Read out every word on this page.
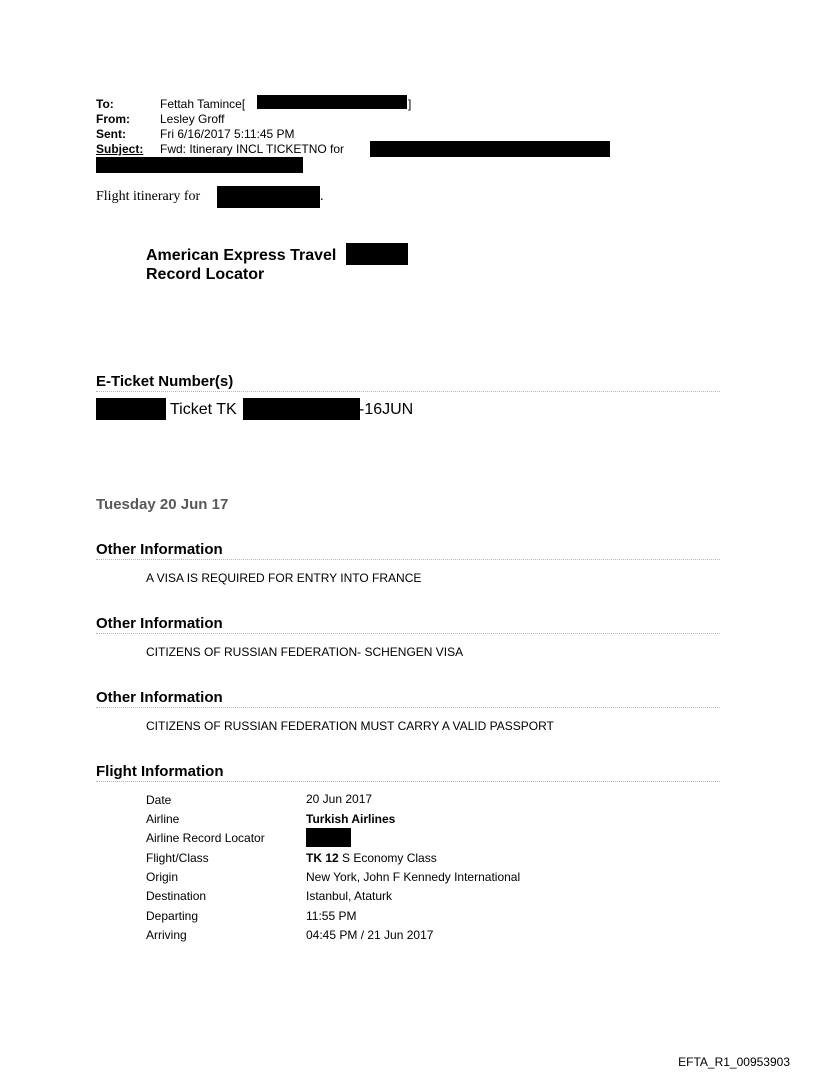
To:	Fettah Tamince[	]
From:	Lesley Groff
Sent:	Fri 6/16/2017 5:11:45 PM
Subject: Fwd: Itinerary INCL TICKETNO for
Flight itinerary for	.
American Express Travel
Record Locator
E-Ticket Number(s)
Ticket TK	-16JUN
Tuesday 20 Jun 17
Other Information
A VISA IS REQUIRED FOR ENTRY INTO FRANCE
Other Information
CITIZENS OF RUSSIAN FEDERATION- SCHENGEN VISA
Other Information
CITIZENS OF RUSSIAN FEDERATION MUST CARRY A VALID PASSPORT
Flight Information
Date	20 Jun 2017
Airline	Turkish Airlines
Airline Record Locator
Flight/Class	TK 12 S Economy Class
Origin	New York, John F Kennedy International
Destination	Istanbul, Ataturk
Departing	11:55 PM
Arriving	04:45 PM / 21 Jun 2017
EFTA_R1_00953903
